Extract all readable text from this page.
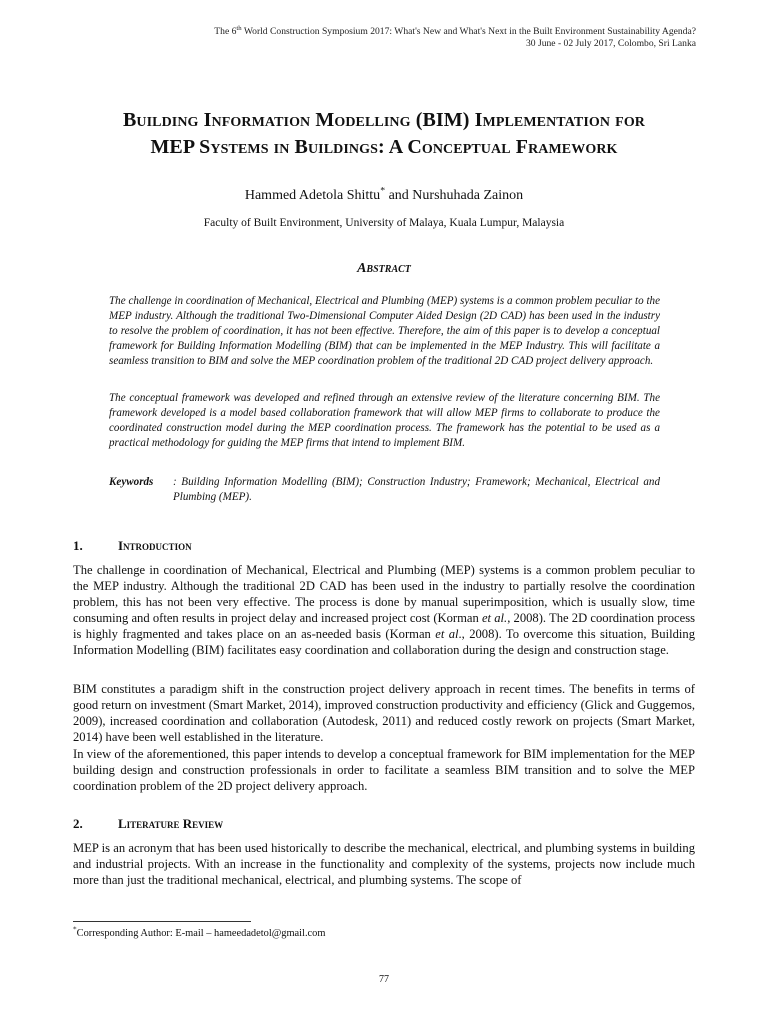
The 6th World Construction Symposium 2017: What's New and What's Next in the Built Environment Sustainability Agenda?
30 June - 02 July 2017, Colombo, Sri Lanka
Building Information Modelling (BIM) Implementation for
MEP Systems in Buildings: A Conceptual Framework
Hammed Adetola Shittu* and Nurshuhada Zainon
Faculty of Built Environment, University of Malaya, Kuala Lumpur, Malaysia
Abstract
The challenge in coordination of Mechanical, Electrical and Plumbing (MEP) systems is a common problem peculiar to the MEP industry. Although the traditional Two-Dimensional Computer Aided Design (2D CAD) has been used in the industry to resolve the problem of coordination, it has not been effective. Therefore, the aim of this paper is to develop a conceptual framework for Building Information Modelling (BIM) that can be implemented in the MEP Industry. This will facilitate a seamless transition to BIM and solve the MEP coordination problem of the traditional 2D CAD project delivery approach.
The conceptual framework was developed and refined through an extensive review of the literature concerning BIM. The framework developed is a model based collaboration framework that will allow MEP firms to collaborate to produce the coordinated construction model during the MEP coordination process. The framework has the potential to be used as a practical methodology for guiding the MEP firms that intend to implement BIM.
Keywords : Building Information Modelling (BIM); Construction Industry; Framework; Mechanical, Electrical and Plumbing (MEP).
1.	Introduction
The challenge in coordination of Mechanical, Electrical and Plumbing (MEP) systems is a common problem peculiar to the MEP industry. Although the traditional 2D CAD has been used in the industry to partially resolve the coordination problem, this has not been very effective. The process is done by manual superimposition, which is usually slow, time consuming and often results in project delay and increased project cost (Korman et al., 2008). The 2D coordination process is highly fragmented and takes place on an as-needed basis (Korman et al., 2008). To overcome this situation, Building Information Modelling (BIM) facilitates easy coordination and collaboration during the design and construction stage.
BIM constitutes a paradigm shift in the construction project delivery approach in recent times. The benefits in terms of good return on investment (Smart Market, 2014), improved construction productivity and efficiency (Glick and Guggemos, 2009), increased coordination and collaboration (Autodesk, 2011) and reduced costly rework on projects (Smart Market, 2014) have been well established in the literature.
In view of the aforementioned, this paper intends to develop a conceptual framework for BIM implementation for the MEP building design and construction professionals in order to facilitate a seamless BIM transition and to solve the MEP coordination problem of the 2D project delivery approach.
2.	Literature Review
MEP is an acronym that has been used historically to describe the mechanical, electrical, and plumbing systems in building and industrial projects. With an increase in the functionality and complexity of the systems, projects now include much more than just the traditional mechanical, electrical, and plumbing systems. The scope of
*Corresponding Author: E-mail – hameedadetol@gmail.com
77
